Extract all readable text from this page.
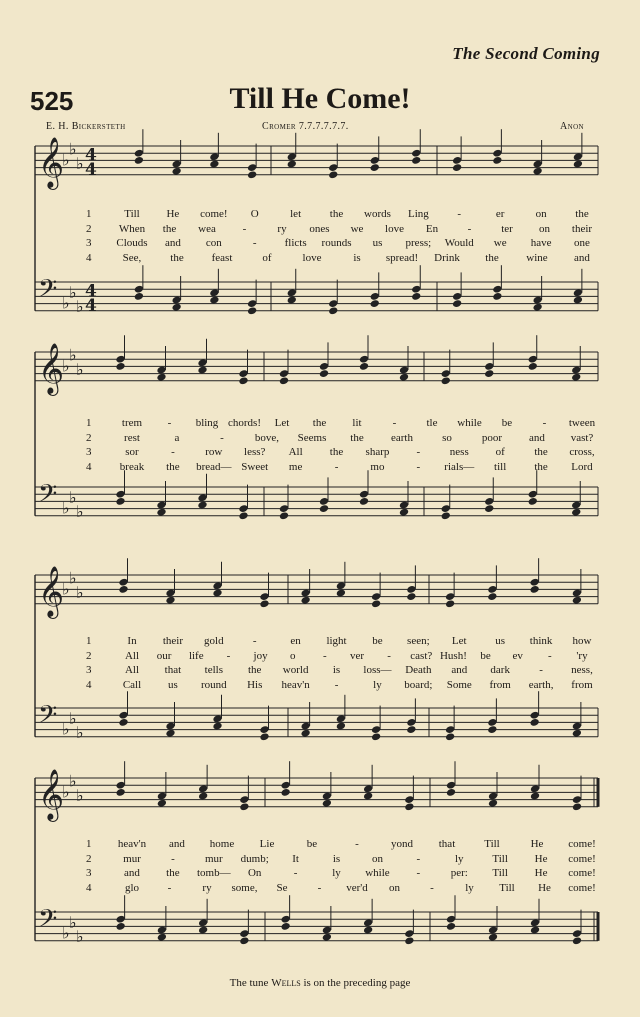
The Second Coming
525	Till He Come!
E. H. Bickersteth	Cromer 7.7.7.7.7.7.	Anon
𝄞
♭
♭
♭ 4
4
𝄢 ♭
♭
♭
4
4
𝄞
♭
♭
♭
𝄢 ♭
♭
♭
𝄞
♭
♭
♭
𝄢 ♭
♭
♭
𝄞
♭
♭
♭
𝄢 ♭
♭
♭
1	Till He come! O	let	the words Ling	-	er	on	the
2 When the wea -	ry ones we love En	-	ter on their
3 Clouds and con	-	flicts rounds us press; Would we have one
4	See,	the	feast	of	love	is spread! Drink the	wine and
1	trem - bling chords! Let the lit	-	tle while be	- tween
2	rest	a	-	bove, Seems the earth	so	poor and vast?
3	sor	-	row less? All the sharp -	ness of	the cross,
4	break the bread— Sweet me	-	mo	- rials— till	the Lord
1	In their gold	-	en light be seen; Let	us think how
2	All our life - joy o	- ver - cast? Hush! be ev - 'ry
3	All that tells the world is loss— Death and dark	-	ness,
4	Call us round His heav'n -	ly board; Some from earth, from
1 heav'n and home Lie	be	-	yond that	Till	He come!
2	mur	-	mur dumb; It	is	on	-	ly	Till He come!
3	and the tomb— On	-	ly while -	per: Till He come!
4	glo	-	ry some, Se	- ver'd on	-	ly Till He come!
The tune Wells is on the preceding page
